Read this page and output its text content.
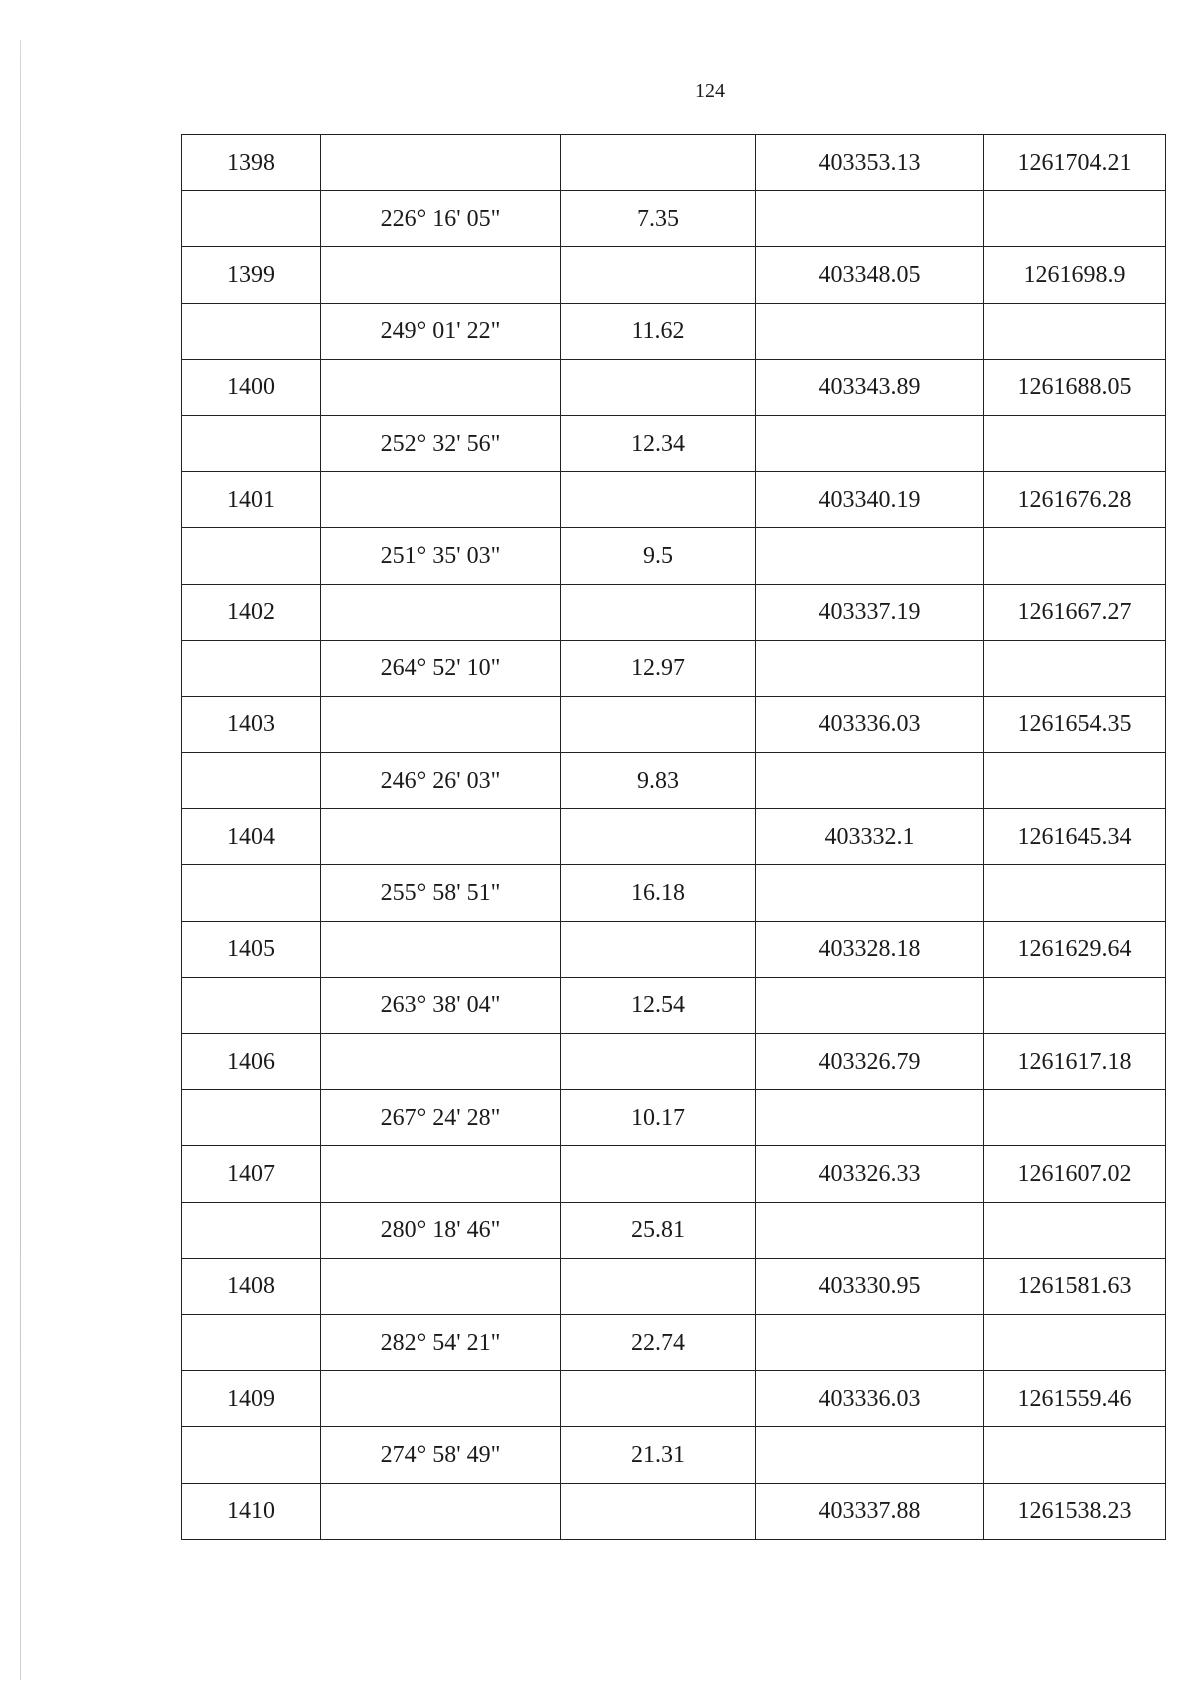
124
1398			403353.13	1261704.21
	226° 16' 05"	7.35		
1399			403348.05	1261698.9
	249° 01' 22"	11.62		
1400			403343.89	1261688.05
	252° 32' 56"	12.34		
1401			403340.19	1261676.28
	251° 35' 03"	9.5		
1402			403337.19	1261667.27
	264° 52' 10"	12.97		
1403			403336.03	1261654.35
	246° 26' 03"	9.83		
1404			403332.1	1261645.34
	255° 58' 51"	16.18		
1405			403328.18	1261629.64
	263° 38' 04"	12.54		
1406			403326.79	1261617.18
	267° 24' 28"	10.17		
1407			403326.33	1261607.02
	280° 18' 46"	25.81		
1408			403330.95	1261581.63
	282° 54' 21"	22.74		
1409			403336.03	1261559.46
	274° 58' 49"	21.31		
1410			403337.88	1261538.23
